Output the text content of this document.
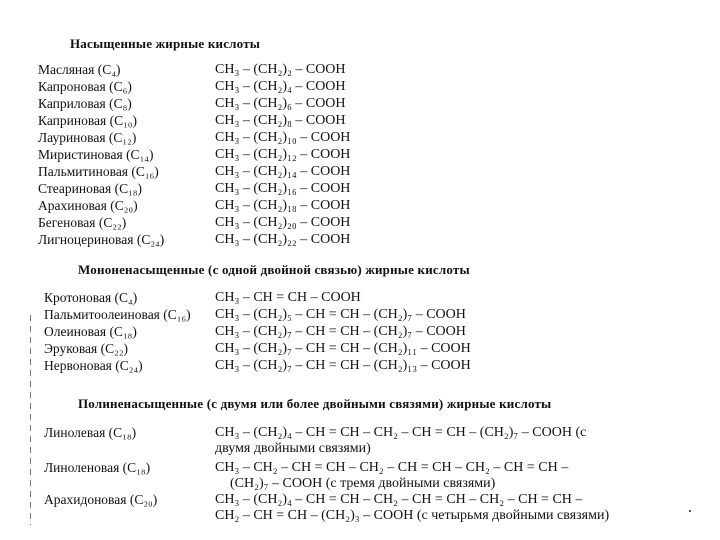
Насыщенные жирные кислоты
Масляная (C₄)	CH₃ – (CH₂)₂ – COOH
Капроновая (C₆)	CH₃ – (CH₂)₄ – COOH
Каприловая (C₈)	CH₃ – (CH₂)₆ – COOH
Каприновая (C₁₀)	CH₃ – (CH₂)₈ – COOH
Лауриновая (C₁₂)	CH₃ – (CH₂)₁₀ – COOH
Миристиновая (C₁₄)	CH₃ – (CH₂)₁₂ – COOH
Пальмитиновая (C₁₆)	CH₃ – (CH₂)₁₄ – COOH
Стеариновая (C₁₈)	CH₃ – (CH₂)₁₆ – COOH
Арахиновая (C₂₀)	CH₃ – (CH₂)₁₈ – COOH
Бегеновая (C₂₂)	CH₃ – (CH₂)₂₀ – COOH
Лигноцериновая (C₂₄)	CH₃ – (CH₂)₂₂ – COOH
Мононенасыщенные (с одной двойной связью) жирные кислоты
Кротоновая (C₄)	CH₃ – CH = CH – COOH
Пальмитоолеиновая (C₁₆) CH₃ – (CH₂)₅ – CH = CH – (CH₂)₇ – COOH
Олеиновая (C₁₈)	CH₃ – (CH₂)₇ – CH = CH – (CH₂)₇ – COOH
Эруковая (C₂₂)	CH₃ – (CH₂)₇ – CH = CH – (CH₂)₁₁ – COOH
Нервоновая (C₂₄)	CH₃ – (CH₂)₇ – CH = CH – (CH₂)₁₃ – COOH
Полиненасыщенные (с двумя или более двойными связями) жирные кислоты
Линолевая (C₁₈)	CH₃ – (CH₂)₄ – CH = CH – CH₂ – CH = CH – (CH₂)₇ – COOH (с
двумя двойными связями)
Линоленовая (C₁₈)	CH₃ – CH₂ – CH = CH – CH₂ – CH = CH – CH₂ – CH = CH –
(CH₂)₇ – COOH (с тремя двойными связями)
Арахидоновая (C₂₀)	CH₃ – (CH₂)₄ – CH = CH – CH₂ – CH = CH – CH₂ – CH = CH –
CH₂ – CH = CH – (CH₂)₃ – COOH (с четырьмя двойными связями)
